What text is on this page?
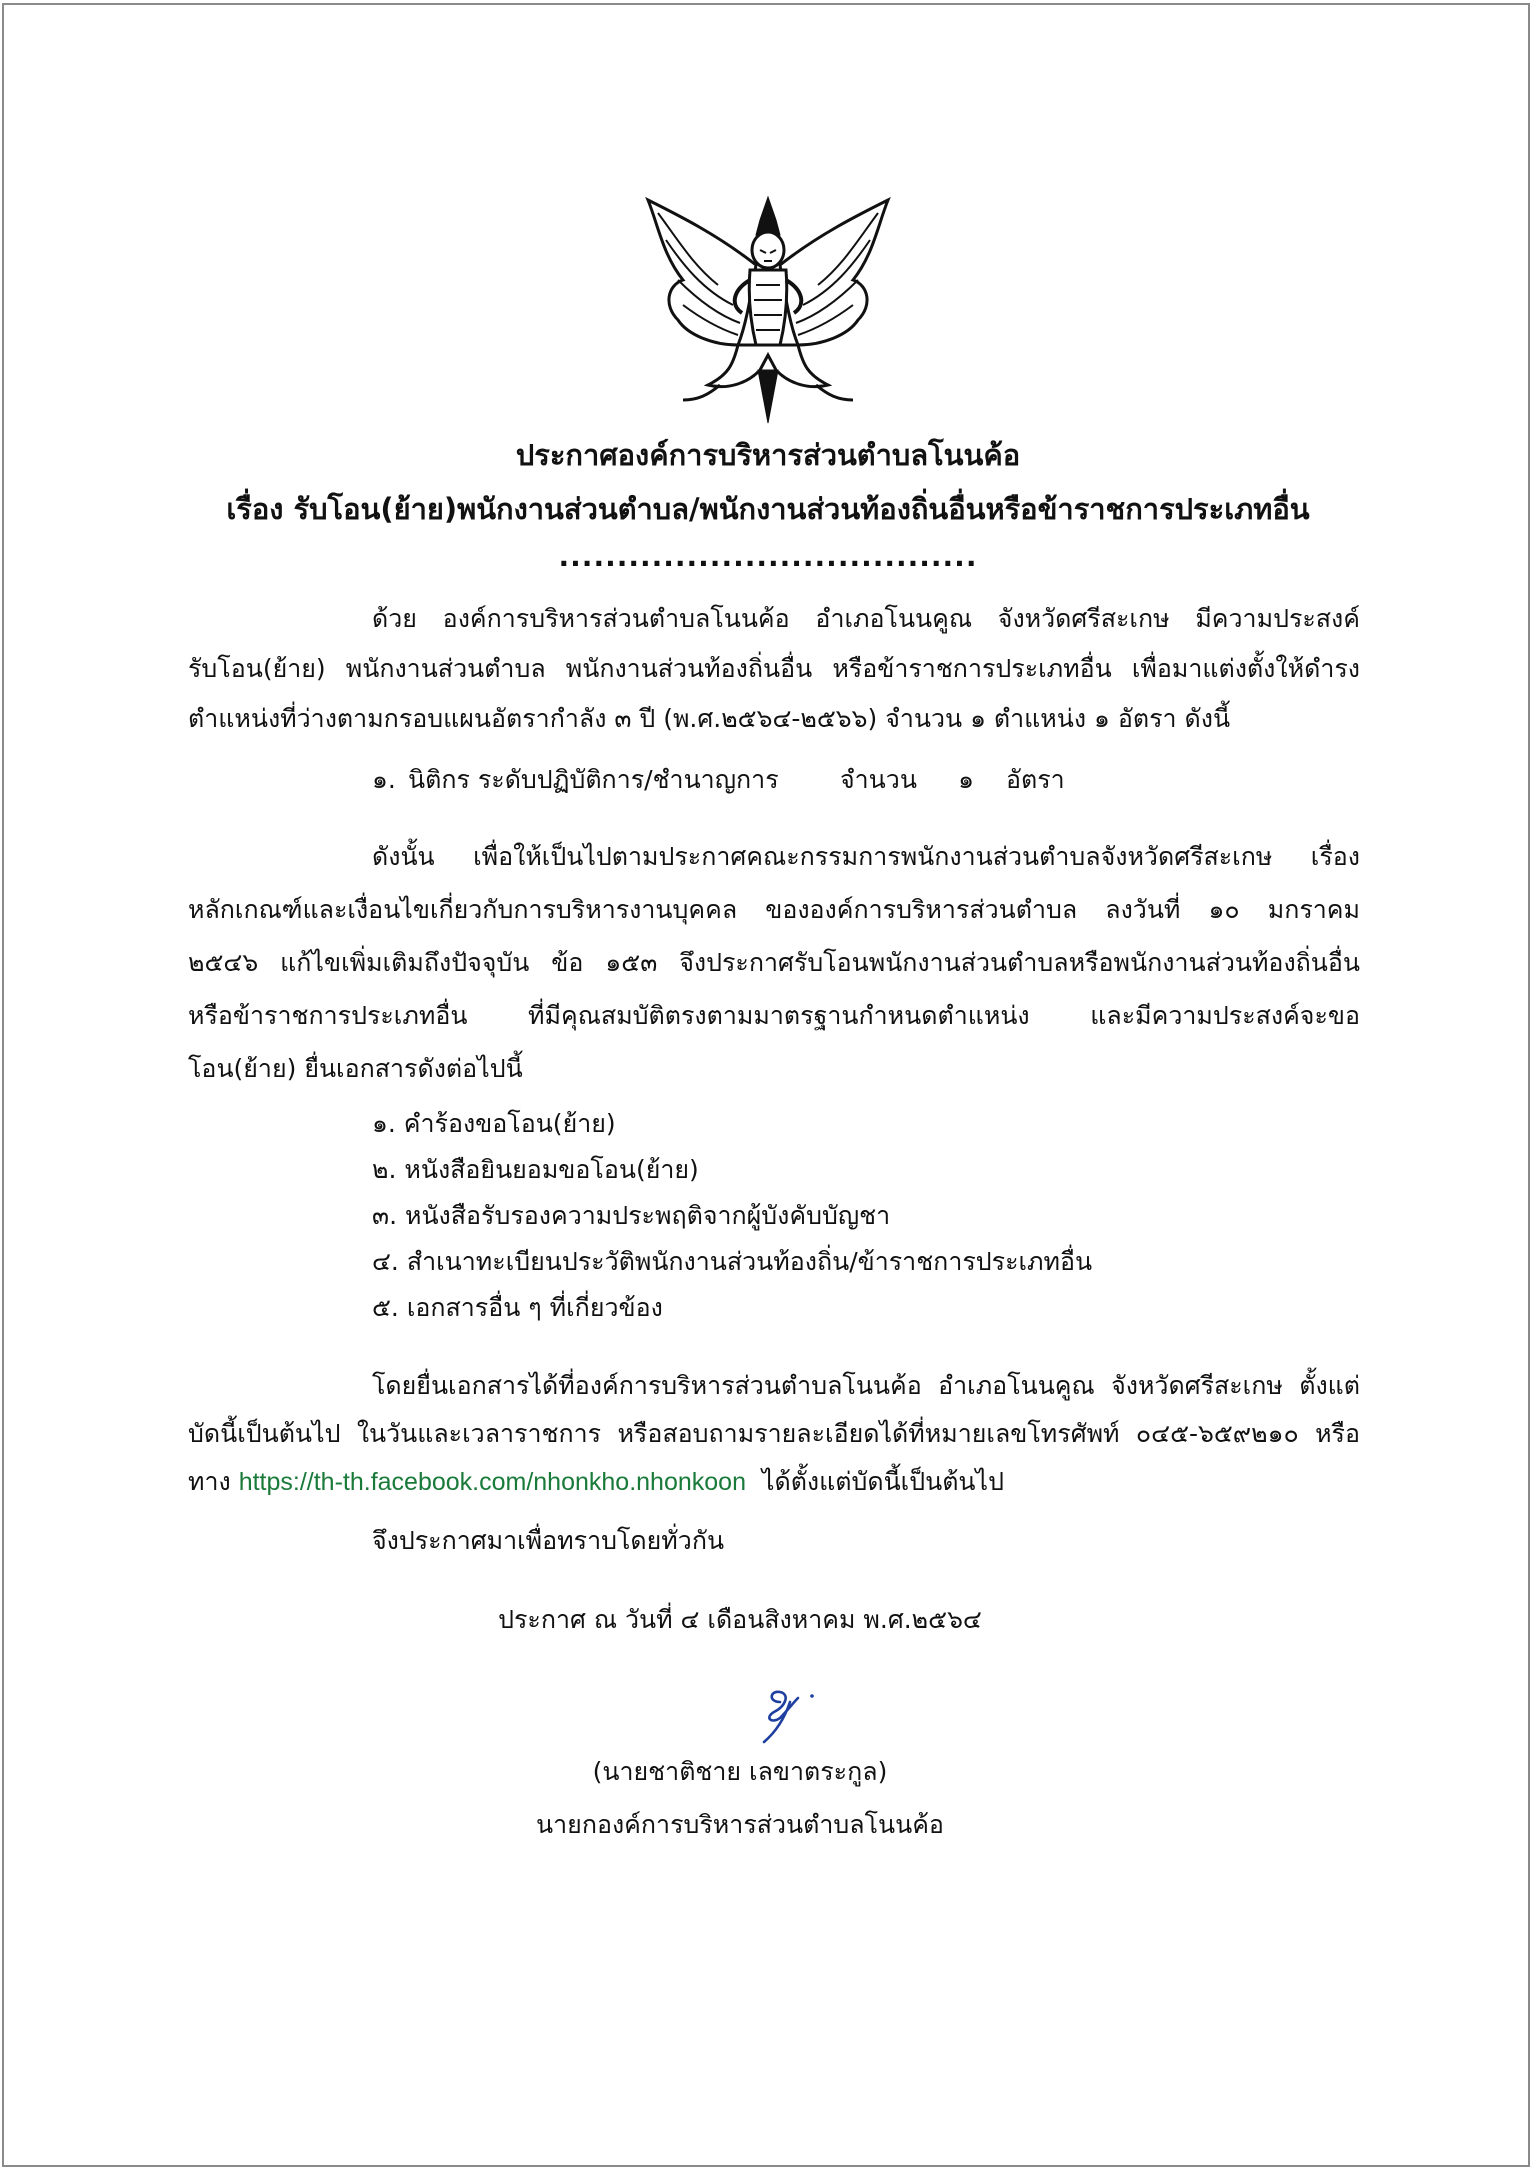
ประกาศองค์การบริหารส่วนตำบลโนนค้อ
เรื่อง รับโอน(ย้าย)พนักงานส่วนตำบล/พนักงานส่วนท้องถิ่นอื่นหรือข้าราชการประเภทอื่น
....................................
ด้วย องค์การบริหารส่วนตำบลโนนค้อ อำเภอโนนคูณ จังหวัดศรีสะเกษ มีความประสงค์
รับโอน(ย้าย) พนักงานส่วนตำบล พนักงานส่วนท้องถิ่นอื่น หรือข้าราชการประเภทอื่น เพื่อมาแต่งตั้งให้ดำรง
ตำแหน่งที่ว่างตามกรอบแผนอัตรากำลัง ๓ ปี (พ.ศ.๒๕๖๔-๒๕๖๖) จำนวน ๑ ตำแหน่ง ๑ อัตรา ดังนี้
๑. นิติกร ระดับปฏิบัติการ/ชำนาญการ จำนวน ๑ อัตรา
ดังนั้น เพื่อให้เป็นไปตามประกาศคณะกรรมการพนักงานส่วนตำบลจังหวัดศรีสะเกษ เรื่อง
หลักเกณฑ์และเงื่อนไขเกี่ยวกับการบริหารงานบุคคล ขององค์การบริหารส่วนตำบล ลงวันที่ ๑๐ มกราคม
๒๕๔๖ แก้ไขเพิ่มเติมถึงปัจจุบัน ข้อ ๑๕๓ จึงประกาศรับโอนพนักงานส่วนตำบลหรือพนักงานส่วนท้องถิ่นอื่น
หรือข้าราชการประเภทอื่น ที่มีคุณสมบัติตรงตามมาตรฐานกำหนดตำแหน่ง และมีความประสงค์จะขอ
โอน(ย้าย) ยื่นเอกสารดังต่อไปนี้
๑. คำร้องขอโอน(ย้าย)
๒. หนังสือยินยอมขอโอน(ย้าย)
๓. หนังสือรับรองความประพฤติจากผู้บังคับบัญชา
๔. สำเนาทะเบียนประวัติพนักงานส่วนท้องถิ่น/ข้าราชการประเภทอื่น
๕. เอกสารอื่น ๆ ที่เกี่ยวข้อง
โดยยื่นเอกสารได้ที่องค์การบริหารส่วนตำบลโนนค้อ อำเภอโนนคูณ จังหวัดศรีสะเกษ ตั้งแต่
บัดนี้เป็นต้นไป ในวันและเวลาราชการ หรือสอบถามรายละเอียดได้ที่หมายเลขโทรศัพท์ ๐๔๕-๖๕๙๒๑๐ หรือ
ทาง https://th-th.facebook.com/nhonkho.nhonkoon ได้ตั้งแต่บัดนี้เป็นต้นไป
จึงประกาศมาเพื่อทราบโดยทั่วกัน
ประกาศ ณ วันที่ ๔ เดือนสิงหาคม พ.ศ.๒๕๖๔
(นายชาติชาย เลขาตระกูล)
นายกองค์การบริหารส่วนตำบลโนนค้อ
